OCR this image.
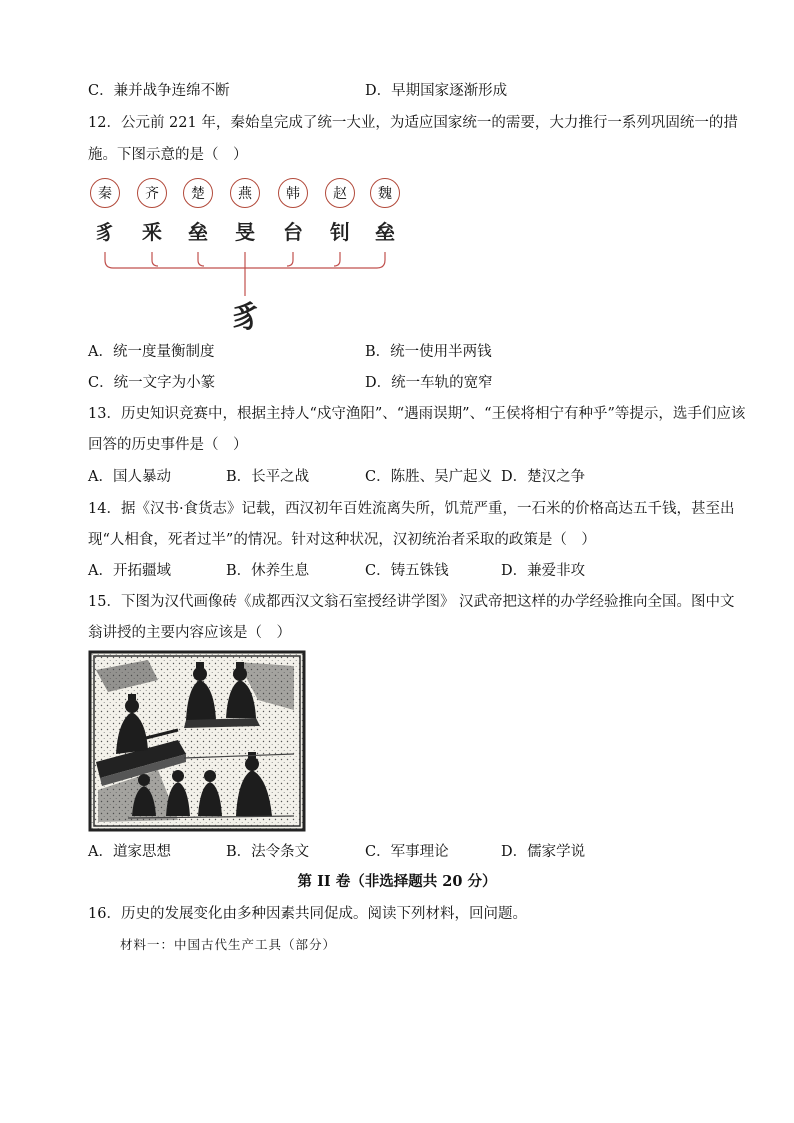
C．兼并战争连绵不断	D．早期国家逐渐形成
12．公元前 221 年，秦始皇完成了统一大业，为适应国家统一的需要，大力推行一系列巩固统一的措
施。下图示意的是（　）
秦	齐	楚	燕	韩	赵	魏
豸 釆 垒 旻 台 钊 垒
豸
A．统一度量衡制度	B．统一使用半两钱
C．统一文字为小篆	D．统一车轨的宽窄
13．历史知识竞赛中，根据主持人“戍守渔阳”、“遇雨误期”、“王侯将相宁有种乎”等提示，选手们应该
回答的历史事件是（　）
A．国人暴动	B．长平之战	C．陈胜、吴广起义 D．楚汉之争
14．据《汉书·食货志》记载，西汉初年百姓流离失所，饥荒严重，一石米的价格高达五千钱，甚至出
现“人相食，死者过半”的情况。针对这种状况，汉初统治者采取的政策是（　）
A．开拓疆域	B．休养生息	C．铸五铢钱	D．兼爱非攻
15．下图为汉代画像砖《成都西汉文翁石室授经讲学图》 汉武帝把这样的办学经验推向全国。图中文
翁讲授的主要内容应该是（　）
A．道家思想	B．法令条文	C．军事理论	D．儒家学说
第 II 卷（非选择题共 20 分）
16．历史的发展变化由多种因素共同促成。阅读下列材料，回问题。
材料一：中国古代生产工具（部分）
